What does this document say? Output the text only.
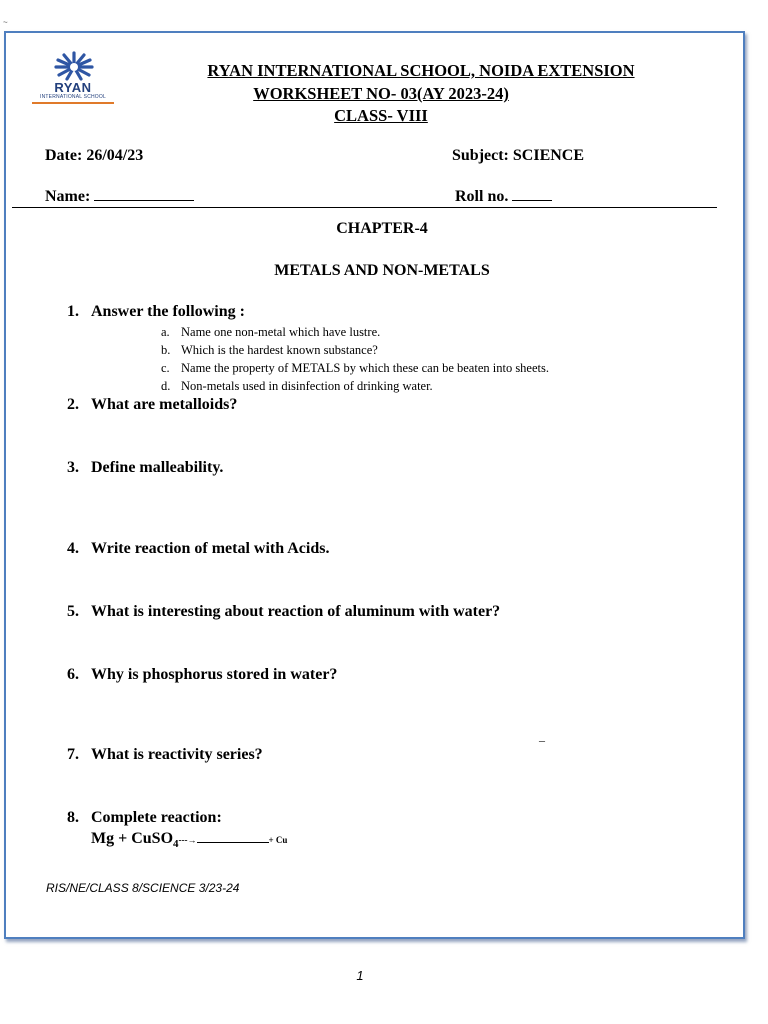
~
RYAN
INTERNATIONAL SCHOOL
RYAN INTERNATIONAL SCHOOL, NOIDA EXTENSION
WORKSHEET NO- 03(AY 2023-24)
CLASS- VIII
Date: 26/04/23	Subject: SCIENCE
Name:	Roll no.
CHAPTER-4
METALS AND NON-METALS
1. Answer the following :
a. Name one non-metal which have lustre.
b. Which is the hardest known substance?
c. Name the property of METALS by which these can be beaten into sheets.
d. Non-metals used in disinfection of drinking water.
2. What are metalloids?
3. Define malleability.
4. Write reaction of metal with Acids.
5. What is interesting about reaction of aluminum with water?
6. Why is phosphorus stored in water?
7. What is reactivity series?
–
8. Complete reaction:
Mg + CuSO$_4$---→	+ Cu
RIS/NE/CLASS 8/SCIENCE 3/23-24
1
